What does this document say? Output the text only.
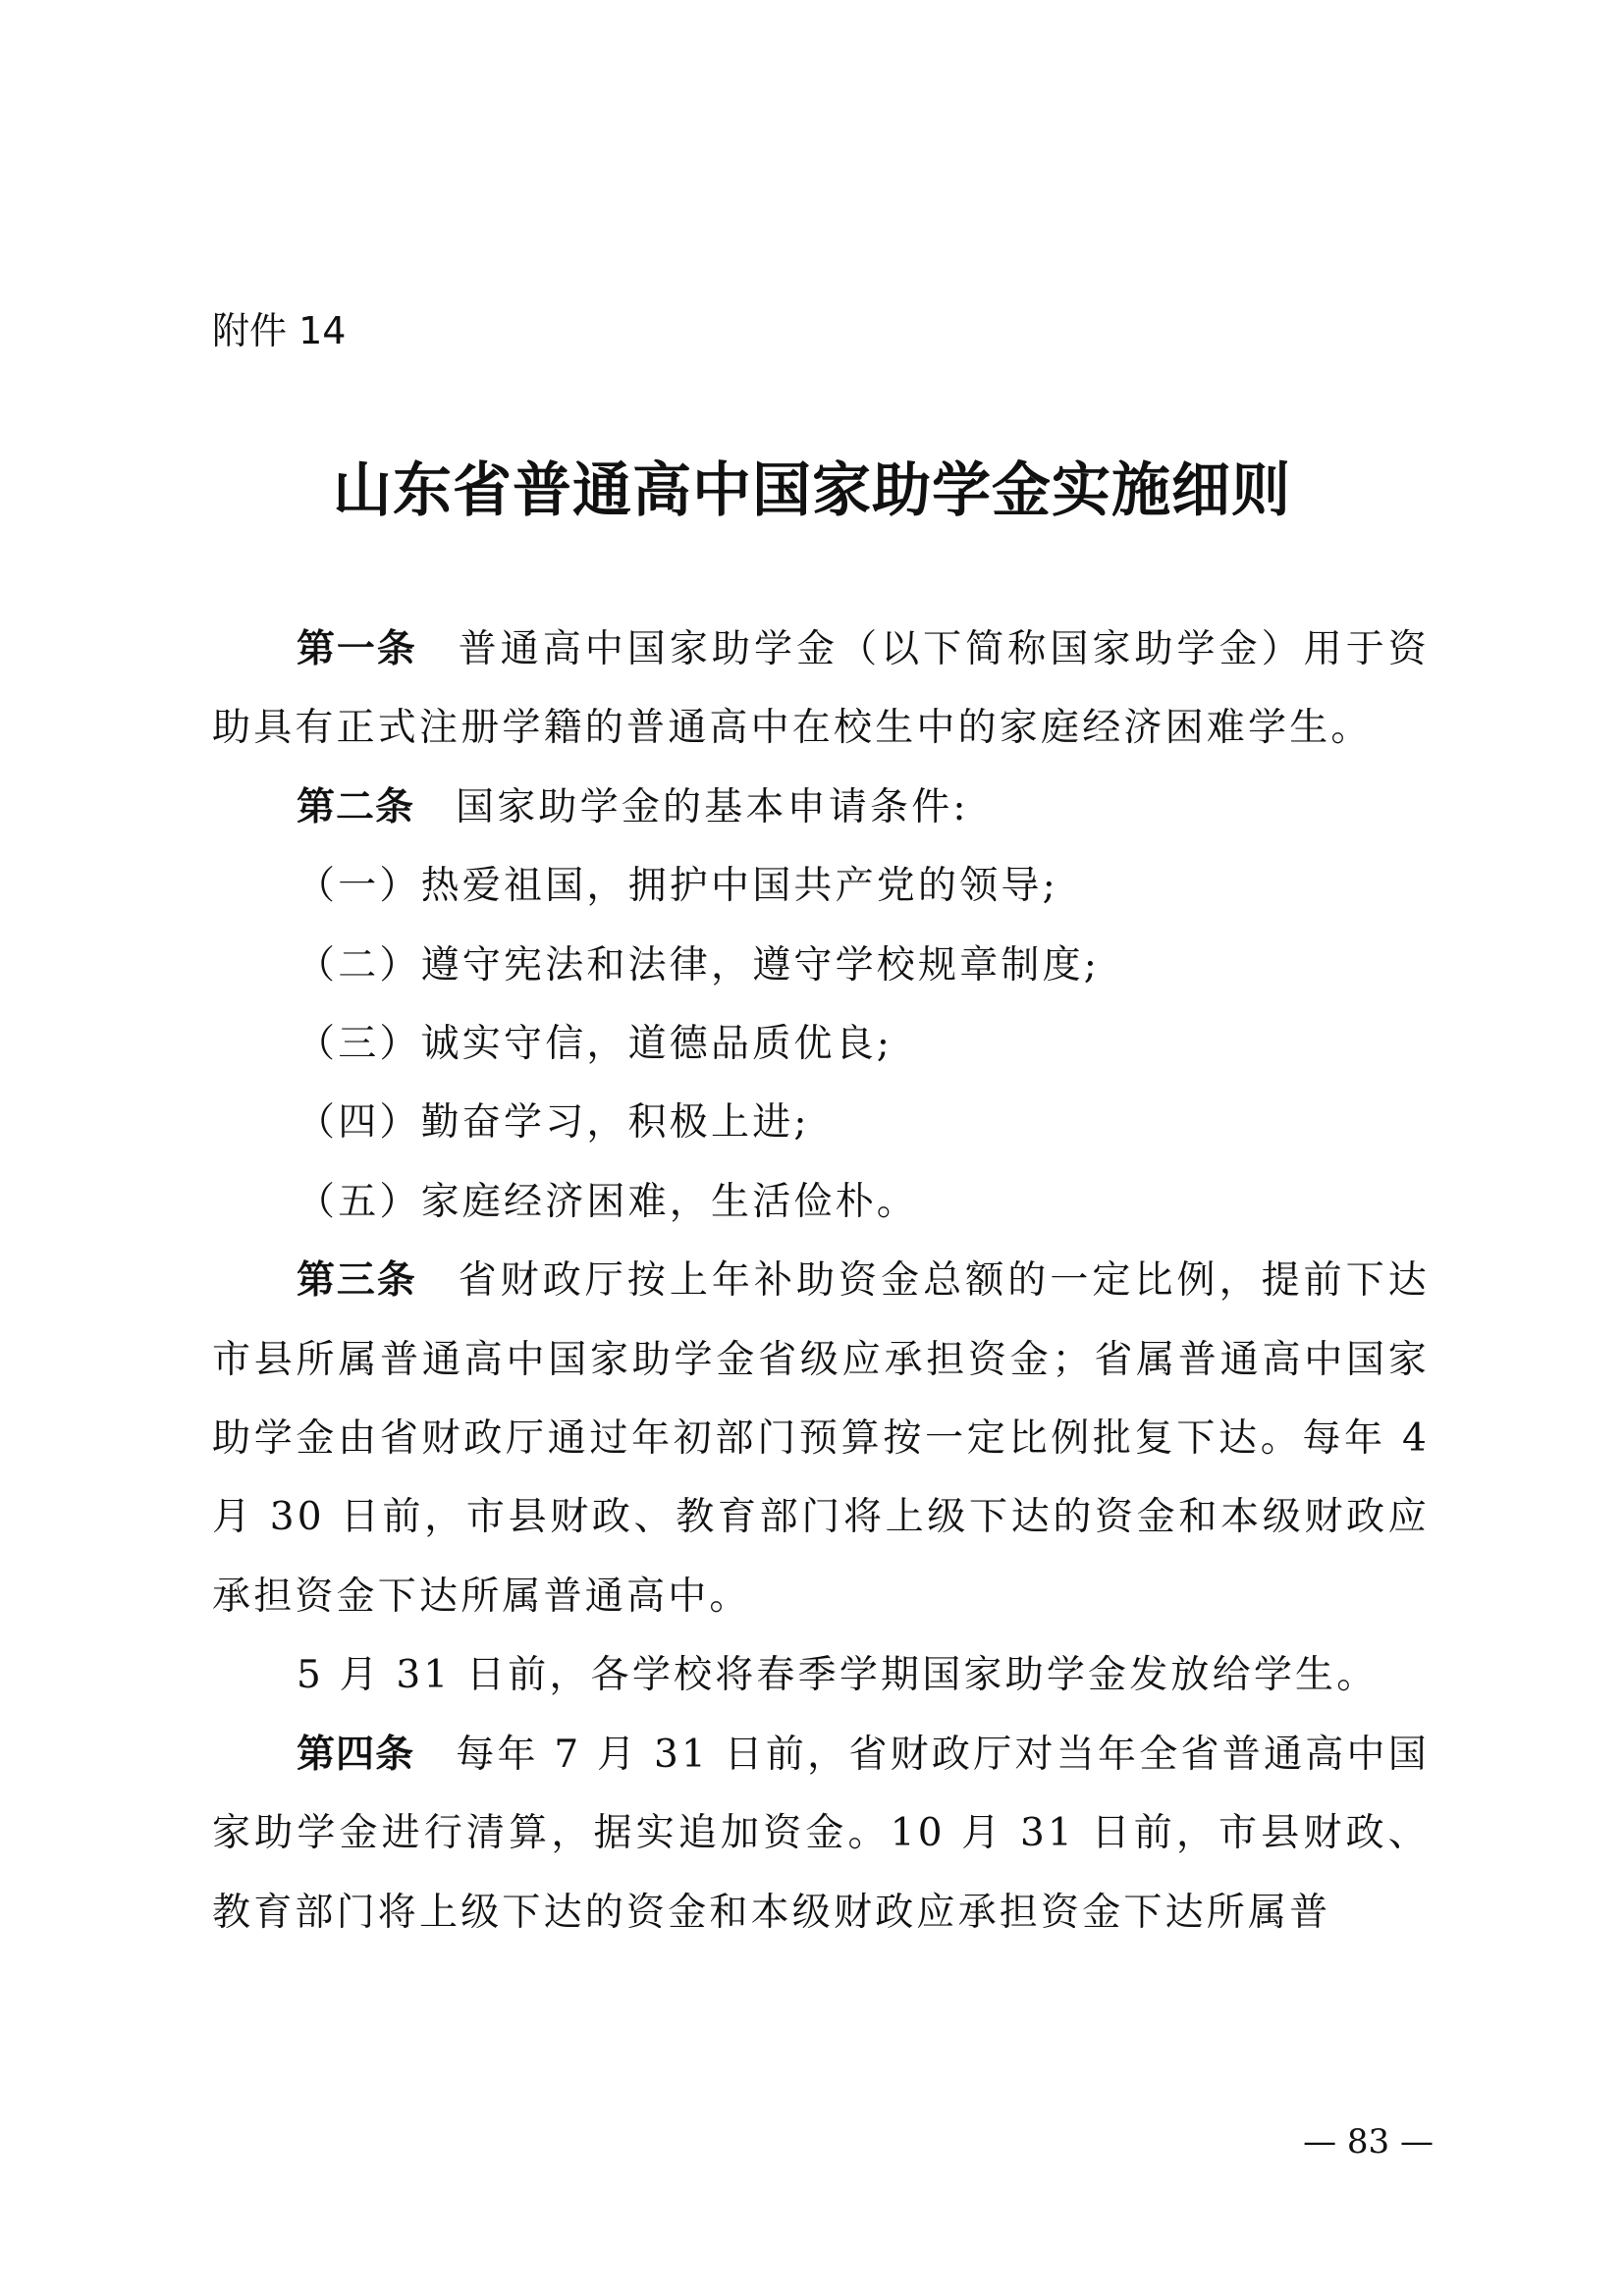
附件 14
山东省普通高中国家助学金实施细则

第一条 普通高中国家助学金（以下简称国家助学金）用于资助具有正式注册学籍的普通高中在校生中的家庭经济困难学生。

第二条 国家助学金的基本申请条件:

（一）热爱祖国，拥护中国共产党的领导;

（二）遵守宪法和法律，遵守学校规章制度;

（三）诚实守信，道德品质优良;

（四）勤奋学习，积极上进;

（五）家庭经济困难，生活俭朴。

第三条 省财政厅按上年补助资金总额的一定比例，提前下达市县所属普通高中国家助学金省级应承担资金；省属普通高中国家助学金由省财政厅通过年初部门预算按一定比例批复下达。每年 4 月 30 日前，市县财政、教育部门将上级下达的资金和本级财政应承担资金下达所属普通高中。

5 月 31 日前，各学校将春季学期国家助学金发放给学生。

第四条 每年 7 月 31 日前，省财政厅对当年全省普通高中国家助学金进行清算，据实追加资金。10 月 31 日前，市县财政、教育部门将上级下达的资金和本级财政应承担资金下达所属普

— 83 —
